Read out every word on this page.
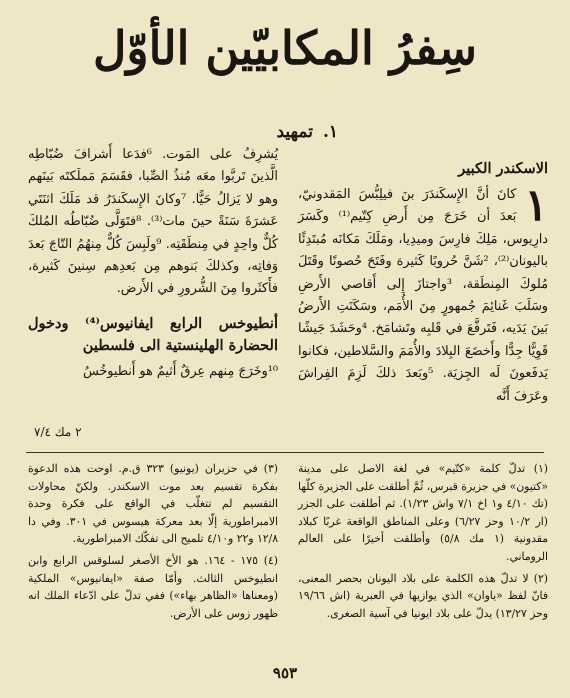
سِفرُ المكابيّين الأوّل
١.تمهيد
الاسكندر الكبير

١
كانَ أنَّ الإِسكَندَرَ بنَ فيلِبُّسَ المَقدونيّ، بَعدَ أن خَرَجَ مِن أَرضِ كِتّيم⁽¹⁾ وكَسَرَ دارِيوس، مَلِكَ فارِسَ وميدِيا، ومَلَكَ مَكانَه مُبتَدِئًا باليونان⁽²⁾، ²شَنَّ حُروبًا كَثيرة وفَتَحَ حُصونًا وقَتَلَ مُلوكَ المِنطَقة، ³واجتازَ إِلى أَقاصي الأَرضِ وسَلَبَ غَنائِمَ جُمهورٍ مِنَ الأُمَم، وسَكَنَتِ الأَرضُ بَينَ يَدَيه، فَتَرفَّعَ في قَلبِه وتَشامَخ. ⁴وحَشَدَ جَيشًا قَوِيًّا جِدًّا وأَخضَعَ البِلادَ والأُمَمَ والسَّلاطين، فكانوا يَدفَعونَ لَه الجِزيَة. ⁵وبَعدَ ذلكَ لَزِمَ الفِراشَ وعَرَفَ أَنَّه

يُشرِفُ على المَوت. ⁶فدَعا أَشرافَ ضُبّاطِه الَّذينَ تَربَّوا معَه مُنذُ الصِّبا، فقَسَمَ مَملَكتَه بَينَهم وهو لا يَزالُ حَيًّا. ⁷وكانَ الإِسكَندَرُ قد مَلَكَ اثنَتَي عَشرَةَ سَنَةً حينَ مات⁽³⁾. ⁸فتَوَلَّى ضُبّاطُه المُلكَ كُلٌّ واحِدٍ في مِنطَقَتِه. ⁹ولَبِسَ كُلٌّ مِنهُمُ التّاجَ بَعدَ وَفاتِه، وكذلكَ بَنوهم مِن بَعدِهم سِنينَ كَثيرة، فأَكثَروا مِنَ الشُّرورِ في الأَرض.

أنطيوخس الرابع ايفانيوس⁽⁴⁾ ودخول الحضارة الهلينستية الى فلسطين

¹⁰وخَرَجَ مِنهم عِرقٌ أَثيمٌ هو أَنطيوخُسُ

٢ مك ٧/٤

(١) تدلّ كلمة «كتّيم» في لغة الاصل على مدينة «كتيون» في جزيرة قبرس، ثُمَّ أطلقت على الجزيرة كلّها (تك ٤/١٠ و١ اخ ٧/١ واش ١/٢٣). ثم أطلقت على الجزر (ار ١٠/٢ وحز ٦/٢٧) وعلى المناطق الواقعة غربًا كبلاد مقدونية (١ مك ٥/٨) وأطلقت أخيرًا على العالم الروماني.

(٢) لا تدلّ هذه الكلمة على بلاد اليونان بحصر المعنى، فانّ لفظ «ياوان» الذي يوازيها في العبرية (اش ١٩/٦٦ وحز ١٣/٢٧) يدلّ على بلاد ايونيا في آسية الصغرى.

(٣) في حزيران (يونيو) ٣٢٣ ق.م. اوحت هذه الدعوة بفكرة تقسيم بعد موت الاسكندر. ولكنّ محاولات التقسيم لم تتغلّب في الواقع على فكرة وحدة الامبراطورية إلّا بعد معركة هيسوس في ٣٠١. وفي دا ١٢/٨ و٢٢ و٤/١٠ تلميح الى تفكّك الامبراطورية.

(٤) ١٧٥ - ١٦٤. هو الأخ الأصغر لسلوقس الرابع وابن انطيوخس الثالث. وأمّا صفة «ايفانيوس» الملكية (ومعناها «الظاهر بهاء») ففي تدلّ على ادّعاء الملك انه ظهور زوس على الأرض.

٩٥٣
